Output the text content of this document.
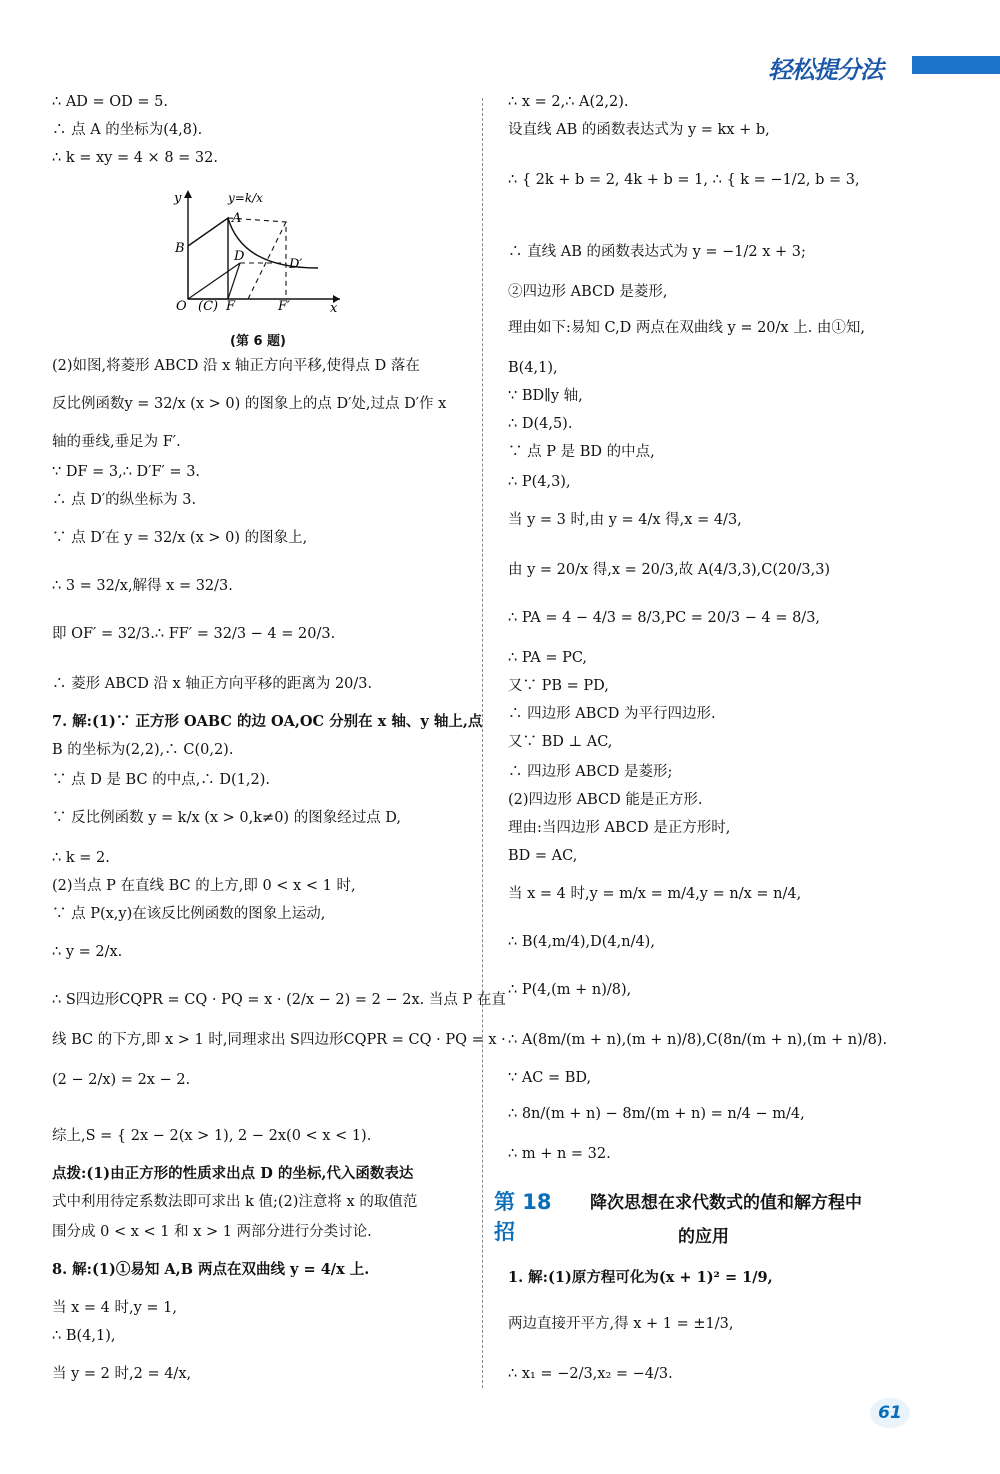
轻松提分法
∴ AD = OD = 5.
∴ 点 A 的坐标为(4,8).
∴ k = xy = 4 × 8 = 32.
(2)如图,将菱形 ABCD 沿 x 轴正方向平移,使得点 D 落在
反比例函数y = 32/x (x > 0) 的图象上的点 D′处,过点 D′作 x
轴的垂线,垂足为 F′.
∵ DF = 3,∴ D′F′ = 3.
∴ 点 D′的纵坐标为 3.
∵ 点 D′在 y = 32/x (x > 0) 的图象上,
∴ 3 = 32/x,解得 x = 32/3.
即 OF′ = 32/3.∴ FF′ = 32/3 − 4 = 20/3.
∴ 菱形 ABCD 沿 x 轴正方向平移的距离为 20/3.
7. 解:(1)∵ 正方形 OABC 的边 OA,OC 分别在 x 轴、y 轴上,点
B 的坐标为(2,2),∴ C(0,2).
∵ 点 D 是 BC 的中点,∴ D(1,2).
∵ 反比例函数 y = k/x (x > 0,k≠0) 的图象经过点 D,
∴ k = 2.
(2)当点 P 在直线 BC 的上方,即 0 < x < 1 时,
∵ 点 P(x,y)在该反比例函数的图象上运动,
∴ y = 2/x.
∴ S四边形CQPR = CQ · PQ = x · (2/x − 2) = 2 − 2x. 当点 P 在直
线 BC 的下方,即 x > 1 时,同理求出 S四边形CQPR = CQ · PQ = x ·
(2 − 2/x) = 2x − 2.
综上,S = { 2x − 2(x > 1), 2 − 2x(0 < x < 1).
点拨:(1)由正方形的性质求出点 D 的坐标,代入函数表达
式中利用待定系数法即可求出 k 值;(2)注意将 x 的取值范
围分成 0 < x < 1 和 x > 1 两部分进行分类讨论.
8. 解:(1)①易知 A,B 两点在双曲线 y = 4/x 上.
当 x = 4 时,y = 1,
∴ B(4,1),
当 y = 2 时,2 = 4/x,
∴ x = 2,∴ A(2,2).
设直线 AB 的函数表达式为 y = kx + b,
∴ { 2k + b = 2, 4k + b = 1, ∴ { k = −1/2, b = 3,
∴ 直线 AB 的函数表达式为 y = −1/2 x + 3;
②四边形 ABCD 是菱形,
理由如下:易知 C,D 两点在双曲线 y = 20/x 上. 由①知,
B(4,1),
∵ BD∥y 轴,
∴ D(4,5).
∵ 点 P 是 BD 的中点,
∴ P(4,3),
当 y = 3 时,由 y = 4/x 得,x = 4/3,
由 y = 20/x 得,x = 20/3,故 A(4/3,3),C(20/3,3)
∴ PA = 4 − 4/3 = 8/3,PC = 20/3 − 4 = 8/3,
∴ PA = PC,
又∵ PB = PD,
∴ 四边形 ABCD 为平行四边形.
又∵ BD ⊥ AC,
∴ 四边形 ABCD 是菱形;
(2)四边形 ABCD 能是正方形.
理由:当四边形 ABCD 是正方形时,
BD = AC,
当 x = 4 时,y = m/x = m/4,y = n/x = n/4,
∴ B(4,m/4),D(4,n/4),
∴ P(4,(m + n)/8),
∴ A(8m/(m + n),(m + n)/8),C(8n/(m + n),(m + n)/8).
∵ AC = BD,
∴ 8n/(m + n) − 8m/(m + n) = n/4 − m/4,
∴ m + n = 32.
1. 解:(1)原方程可化为(x + 1)² = 1/9,
两边直接开平方,得 x + 1 = ±1/3,
∴ x₁ = −2/3,x₂ = −4/3.
y
x
O (C) F	F′
A
B
D
D′
y=k/x
(第 6 题)
第 18 招
降次思想在求代数式的值和解方程中
的应用
61
